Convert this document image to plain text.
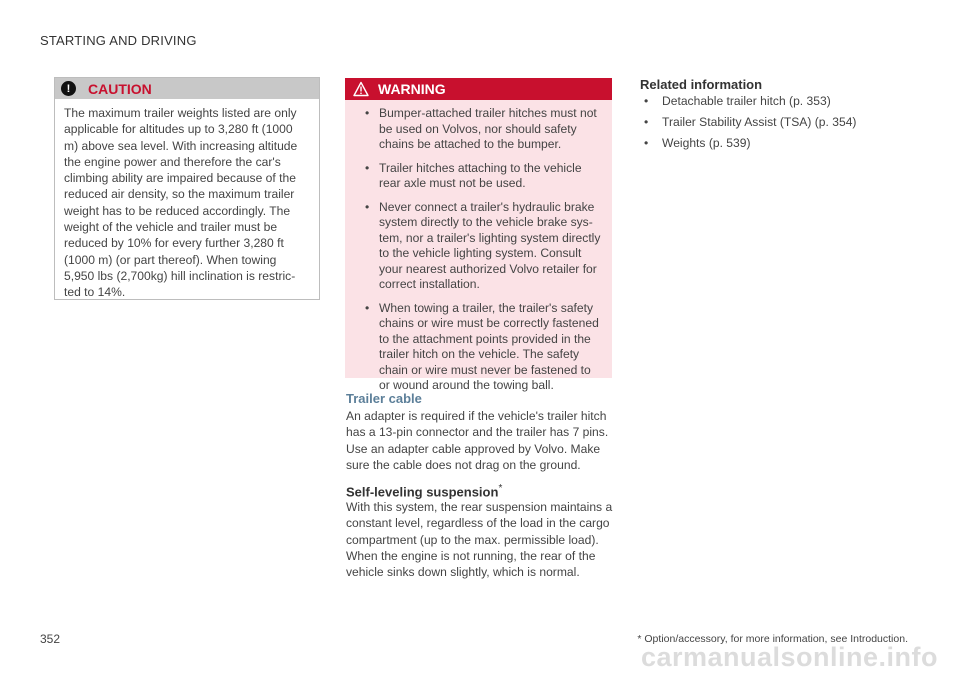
STARTING AND DRIVING
!	CAUTION
The maximum trailer weights listed are only applicable for altitudes up to 3,280 ft (1000 m) above sea level. With increasing altitude the engine power and therefore the car's climbing ability are impaired because of the reduced air density, so the maximum trailer weight has to be reduced accordingly. The weight of the vehicle and trailer must be reduced by 10% for every further 3,280 ft (1000 m) (or part thereof). When towing 5,950 lbs (2,700kg) hill inclination is restric-ted to 14%.
WARNING
• Bumper-attached trailer hitches must not be used on Volvos, nor should safety chains be attached to the bumper.
• Trailer hitches attaching to the vehicle rear axle must not be used.
• Never connect a trailer's hydraulic brake system directly to the vehicle brake sys-tem, nor a trailer's lighting system directly to the vehicle lighting system. Consult your nearest authorized Volvo retailer for correct installation.
• When towing a trailer, the trailer's safety chains or wire must be correctly fastened to the attachment points provided in the trailer hitch on the vehicle. The safety chain or wire must never be fastened to or wound around the towing ball.
Trailer cable
An adapter is required if the vehicle's trailer hitch has a 13-pin connector and the trailer has 7 pins. Use an adapter cable approved by Volvo. Make sure the cable does not drag on the ground.
Self-leveling suspension*
With this system, the rear suspension maintains a constant level, regardless of the load in the cargo compartment (up to the max. permissible load). When the engine is not running, the rear of the vehicle sinks down slightly, which is normal.
Related information
• Detachable trailer hitch (p. 353)
• Trailer Stability Assist (TSA) (p. 354)
• Weights (p. 539)
352	* Option/accessory, for more information, see Introduction.
carmanualsonline.info
